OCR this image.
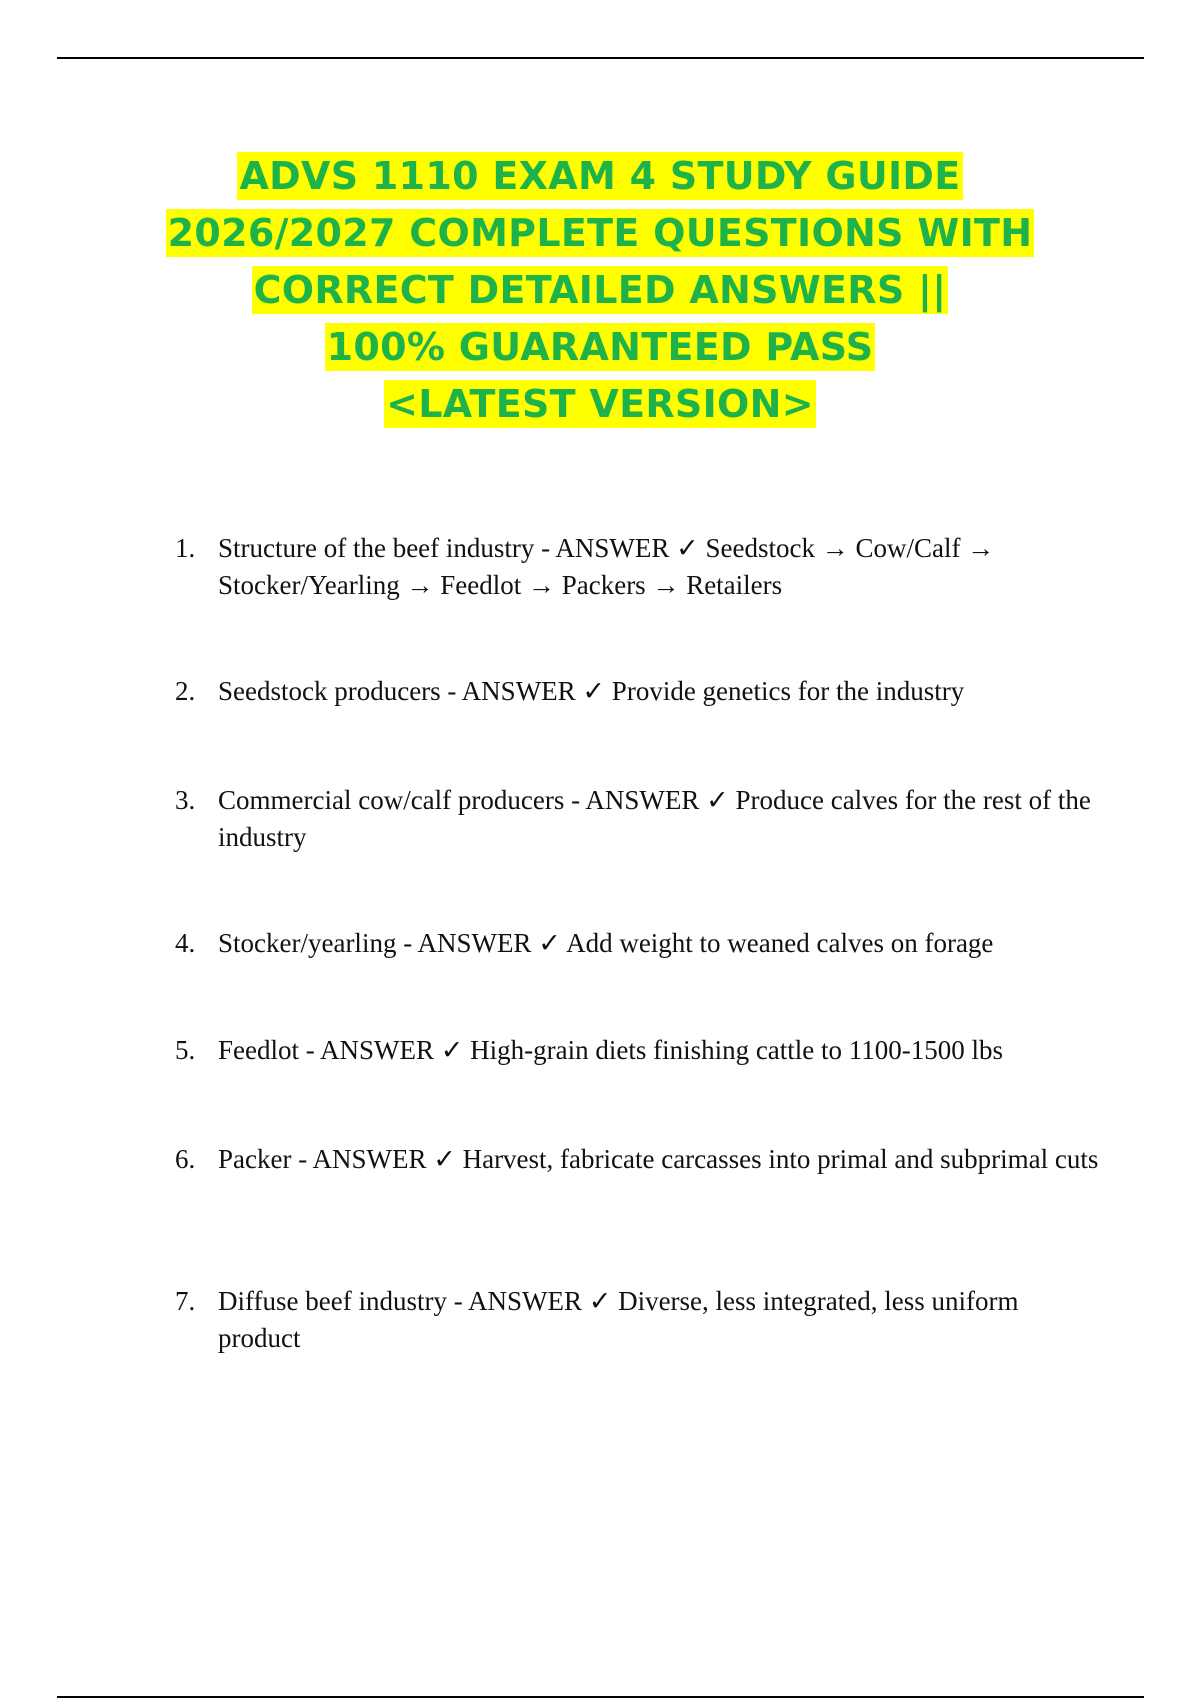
ADVS 1110 EXAM 4 STUDY GUIDE
2026/2027 COMPLETE QUESTIONS WITH
CORRECT DETAILED ANSWERS ||
100% GUARANTEED PASS
<LATEST VERSION>
1. Structure of the beef industry - ANSWER ✓ Seedstock → Cow/Calf → Stocker/Yearling → Feedlot → Packers → Retailers
2. Seedstock producers - ANSWER ✓ Provide genetics for the industry
3. Commercial cow/calf producers - ANSWER ✓ Produce calves for the rest of the industry
4. Stocker/yearling - ANSWER ✓ Add weight to weaned calves on forage
5. Feedlot - ANSWER ✓ High-grain diets finishing cattle to 1100-1500 lbs
6. Packer - ANSWER ✓ Harvest, fabricate carcasses into primal and subprimal cuts
7. Diffuse beef industry - ANSWER ✓ Diverse, less integrated, less uniform product
